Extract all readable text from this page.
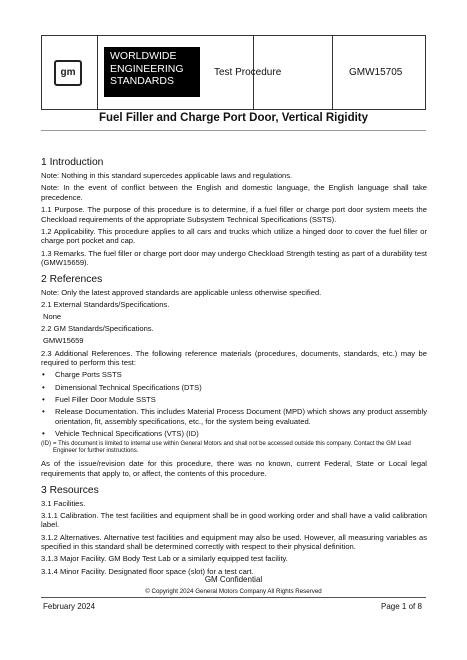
gm
WORLDWIDE
ENGINEERING
STANDARDS
Test Procedure	GMW15705
Fuel Filler and Charge Port Door, Vertical Rigidity
1 Introduction
Note: Nothing in this standard supercedes applicable laws and regulations.
Note: In the event of conflict between the English and domestic language, the English language shall take precedence.
1.1 Purpose. The purpose of this procedure is to determine, if a fuel filler or charge port door system meets the Checkload requirements of the appropriate Subsystem Technical Specifications (SSTS).
1.2 Applicability. This procedure applies to all cars and trucks which utilize a hinged door to cover the fuel filler or charge port pocket and cap.
1.3 Remarks. The fuel filler or charge port door may undergo Checkload Strength testing as part of a durability test (GMW15659).
2 References
Note: Only the latest approved standards are applicable unless otherwise specified.
2.1 External Standards/Specifications.
None
2.2 GM Standards/Specifications.
GMW15659
2.3 Additional References. The following reference materials (procedures, documents, standards, etc.) may be required to perform this test:
• Charge Ports SSTS
• Dimensional Technical Specifications (DTS)
• Fuel Filler Door Module SSTS
• Release Documentation. This includes Material Process Document (MPD) which shows any product assembly orientation, fit, assembly specifications, etc., for the system being evaluated.
• Vehicle Technical Specifications (VTS) (ID)
(ID) = This document is limited to internal use within General Motors and shall not be accessed outside this company. Contact the GM Lead Engineer for further instructions.
As of the issue/revision date for this procedure, there was no known, current Federal, State or Local legal requirements that apply to, or affect, the contents of this procedure.
3 Resources
3.1 Facilities.
3.1.1 Calibration. The test facilities and equipment shall be in good working order and shall have a valid calibration label.
3.1.2 Alternatives. Alternative test facilities and equipment may also be used. However, all measuring variables as specified in this standard shall be determined correctly with respect to their physical definition.
3.1.3 Major Facility. GM Body Test Lab or a similarly equipped test facility.
3.1.4 Minor Facility. Designated floor space (slot) for a test cart.
GM Confidential
© Copyright 2024 General Motors Company All Rights Reserved
February 2024	Page 1 of 8
